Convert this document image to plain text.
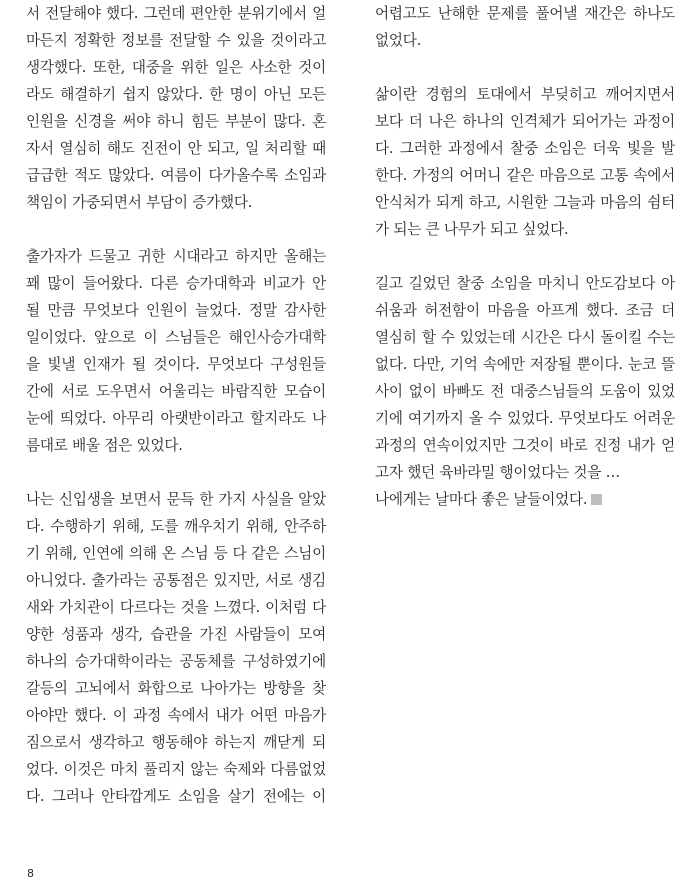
서 전달해야 했다. 그런데 편안한 분위기에서 얼
마든지 정확한 정보를 전달할 수 있을 것이라고
생각했다. 또한, 대중을 위한 일은 사소한 것이
라도 해결하기 쉽지 않았다. 한 명이 아닌 모든
인원을 신경을 써야 하니 힘든 부분이 많다. 혼
자서 열심히 해도 진전이 안 되고, 일 처리할 때
급급한 적도 많았다. 여름이 다가올수록 소임과
책임이 가중되면서 부담이 증가했다.
출가자가 드물고 귀한 시대라고 하지만 올해는
꽤 많이 들어왔다. 다른 승가대학과 비교가 안
될 만큼 무엇보다 인원이 늘었다. 정말 감사한
일이었다. 앞으로 이 스님들은 해인사승가대학
을 빛낼 인재가 될 것이다. 무엇보다 구성원들
간에 서로 도우면서 어울리는 바람직한 모습이
눈에 띄었다. 아무리 아랫반이라고 할지라도 나
름대로 배울 점은 있었다.
나는 신입생을 보면서 문득 한 가지 사실을 알았
다. 수행하기 위해, 도를 깨우치기 위해, 안주하
기 위해, 인연에 의해 온 스님 등 다 같은 스님이
아니었다. 출가라는 공통점은 있지만, 서로 생김
새와 가치관이 다르다는 것을 느꼈다. 이처럼 다
양한 성품과 생각, 습관을 가진 사람들이 모여
하나의 승가대학이라는 공동체를 구성하였기에
갈등의 고뇌에서 화합으로 나아가는 방향을 찾
아야만 했다. 이 과정 속에서 내가 어떤 마음가
짐으로서 생각하고 행동해야 하는지 깨닫게 되
었다. 이것은 마치 풀리지 않는 숙제와 다름없었
다. 그러나 안타깝게도 소임을 살기 전에는 이
어렵고도 난해한 문제를 풀어낼 재간은 하나도
없었다.
삶이란 경험의 토대에서 부딪히고 깨어지면서
보다 더 나은 하나의 인격체가 되어가는 과정이
다. 그러한 과정에서 찰중 소임은 더욱 빛을 발
한다. 가정의 어머니 같은 마음으로 고통 속에서
안식처가 되게 하고, 시원한 그늘과 마음의 쉼터
가 되는 큰 나무가 되고 싶었다.
길고 길었던 찰중 소임을 마치니 안도감보다 아
쉬움과 허전함이 마음을 아프게 했다. 조금 더
열심히 할 수 있었는데 시간은 다시 돌이킬 수는
없다. 다만, 기억 속에만 저장될 뿐이다. 눈코 뜰
사이 없이 바빠도 전 대중스님들의 도움이 있었
기에 여기까지 올 수 있었다. 무엇보다도 어려운
과정의 연속이었지만 그것이 바로 진정 내가 얻
고자 했던 육바라밀 행이었다는 것을 …
나에게는 날마다 좋은 날들이었다.
8
